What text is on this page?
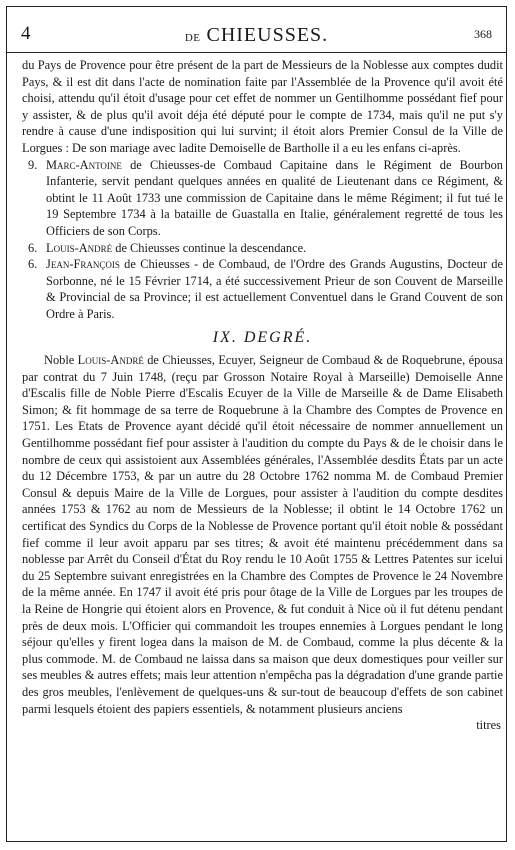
4	de CHIEUSSES.	368

du Pays de Provence pour être présent de la part de Messieurs de la Noblesse aux comptes dudit Pays, & il est dit dans l'acte de nomination faite par l'Assemblée de la Provence qu'il avoit été choisi, attendu qu'il étoit d'usage pour cet effet de nommer un Gentilhomme possédant fief pour y assister, & de plus qu'il avoit déja été député pour le compte de 1734, mais qu'il ne put s'y rendre à cause d'une indisposition qui lui survint; il étoit alors Premier Consul de la Ville de Lorgues : De son mariage avec ladite Demoiselle de Bartholle il a eu les enfans ci-après.

9. Marc-Antoine de Chieusses-de Combaud Capitaine dans le Régiment de Bourbon Infanterie, servit pendant quelques années en qualité de Lieutenant dans ce Régiment, & obtint le 11 Août 1733 une commission de Capitaine dans le même Régiment; il fut tué le 19 Septembre 1734 à la bataille de Guastalla en Italie, généralement regretté de tous les Officiers de son Corps.

6. Louis-André de Chieusses continue la descendance.

6. Jean-François de Chieusses - de Combaud, de l'Ordre des Grands Augustins, Docteur de Sorbonne, né le 15 Février 1714, a été successivement Prieur de son Couvent de Marseille & Provincial de sa Province; il est actuellement Conventuel dans le Grand Couvent de son Ordre à Paris.

IX. DEGRÉ.

Noble Louis-André de Chieusses, Ecuyer, Seigneur de Combaud & de Roquebrune, épousa par contrat du 7 Juin 1748, (reçu par Grosson Notaire Royal à Marseille) Demoiselle Anne d'Escalis fille de Noble Pierre d'Escalis Ecuyer de la Ville de Marseille & de Dame Elisabeth Simon; & fit hommage de sa terre de Roquebrune à la Chambre des Comptes de Provence en 1751. Les Etats de Provence ayant décidé qu'il étoit nécessaire de nommer annuellement un Gentilhomme possédant fief pour assister à l'audition du compte du Pays & de le choisir dans le nombre de ceux qui assistoient aux Assemblées générales, l'Assemblée desdits États par un acte du 12 Décembre 1753, & par un autre du 28 Octobre 1762 nomma M. de Combaud Premier Consul & depuis Maire de la Ville de Lorgues, pour assister à l'audition du compte desdites années 1753 & 1762 au nom de Messieurs de la Noblesse; il obtint le 14 Octobre 1762 un certificat des Syndics du Corps de la Noblesse de Provence portant qu'il étoit noble & possédant fief comme il leur avoit apparu par ses titres; & avoit été maintenu précédemment dans sa noblesse par Arrêt du Conseil d'État du Roy rendu le 10 Août 1755 & Lettres Patentes sur icelui du 25 Septembre suivant enregistrées en la Chambre des Comptes de Provence le 24 Novembre de la même année. En 1747 il avoit été pris pour ôtage de la Ville de Lorgues par les troupes de la Reine de Hongrie qui étoient alors en Provence, & fut conduit à Nice où il fut détenu pendant près de deux mois. L'Officier qui commandoit les troupes ennemies à Lorgues pendant le long séjour qu'elles y firent logea dans la maison de M. de Combaud, comme la plus décente & la plus commode. M. de Combaud ne laissa dans sa maison que deux domestiques pour veiller sur ses meubles & autres effets; mais leur attention n'empêcha pas la dégradation d'une grande partie des gros meubles, l'enlèvement de quelques-uns & sur-tout de beaucoup d'effets de son cabinet parmi lesquels étoient des papiers essentiels, & notamment plusieurs anciens

titres
